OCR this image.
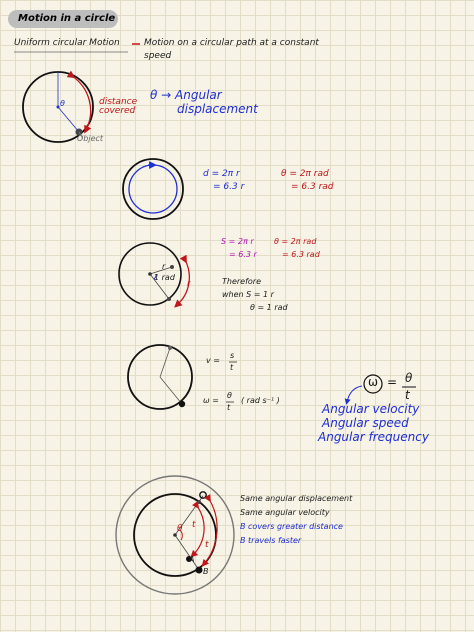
Motion in a circle
Uniform circular Motion	Motion on a circular path at a constant
speed
θ	distance
covered
Object
θ → Angular
displacement
d = 2π r
= 6.3 r
θ = 2π rad
= 6.3 rad
1 rad
r
r
S = 2π r
= 6.3 r
θ = 2π rad
= 6.3 rad
Therefore
when S = 1 r
θ = 1 rad
v =
s
t
ω =
θ
t
( rad s⁻¹ )
ω = θ
t
Angular velocity
Angular speed
Angular frequency
θ t
t
A
B
Same angular displacement
Same angular velocity
B covers greater distance
B travels faster
